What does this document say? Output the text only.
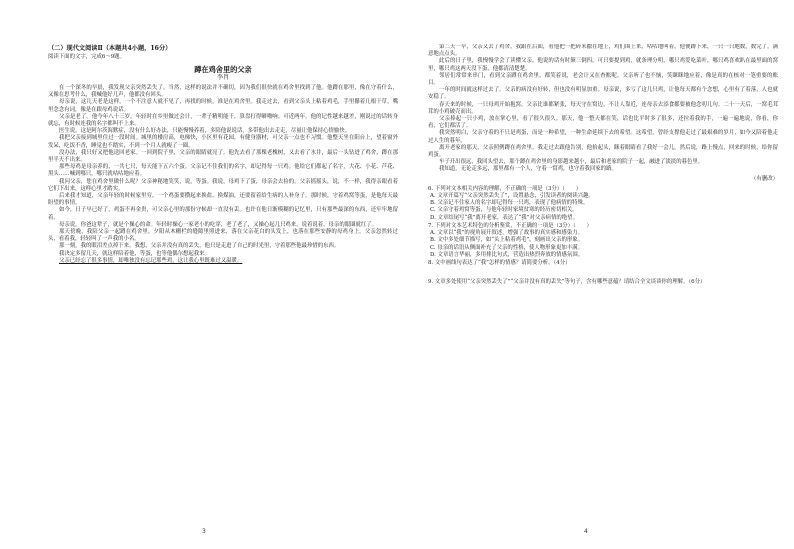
（二）现代文阅读Ⅱ（本题共4小题，16分）

阅读下面的文字，完成6～9题。

蹲在鸡舍里的父亲

李肖

在一个深冬的早晨，我发现父亲突然丢失了。当然，这样的说法并不确切，因为我们很快就在鸡舍里找到了他。他蹲在那里，像在守着什么，又像在思考什么，我喊他好几声，他都没有回头。

母亲说，这几天老是这样，一个不注意人就不见了，再找的时候，准是在鸡舍里。我走过去，看到父亲头上粘着鸡毛，手里攥着几根干草，嘴里念念有词，像是在跟母鸡说话。

父亲是老了。他今年八十三岁，年轻时在乡里做过会计，一辈子精明能干，算盘打得噼啪响。可近两年，他的记性越来越差，刚说过的话转身就忘，有时候连我的名字都叫不上来。

医生说，这是阿尔茨海默症，没有什么好办法，只能慢慢养着，多陪他说说话，多带他出去走走，尽量让他保持心情愉快。

我把父亲接到城里住过一段时间。城里的楼房高，电梯快，小区里有花园，有健身器材，可父亲一点也不习惯。他整天坐在阳台上，望着窗外发呆，吃饭不香，睡觉也不踏实，不到一个月人就瘦了一圈。

没办法，我只好又把他送回老家。一回到院子里，父亲的眼睛就亮了。他先去看了那棵老槐树，又去看了水井，最后一头钻进了鸡舍，蹲在那里半天不出来。

那些母鸡是母亲养的，一共七只，每天能下五六个蛋。父亲记不住我们的名字，却记得每一只鸡。他给它们都起了名字，大花、小花、芦花、黑头……喊到哪只，哪只就咕咕地应着。

我问父亲，您在鸡舍里做什么呢？父亲神秘地笑笑，说，等蛋。我说，母鸡下了蛋，母亲会去捡的。父亲摇摇头，说，不一样，我得亲眼看着它们下出来，这样心里才踏实。

后来我才知道，父亲年轻的时候家里穷，一个鸡蛋要攒起来换盐、换煤油，还要留着给生病的人补身子。那时候，守着鸡窝等蛋，是他每天最盼望的事情。

如今，日子早已好了，鸡蛋不再金贵，可父亲心里的那份守候却一直没有丢。也许在他日渐模糊的记忆里，只有那些最深的东西，还牢牢地留着。

母亲说，你爸这辈子，就是个操心的命。年轻时操心一家老小的吃穿，老了老了，又操心起几只鸡来。说着说着，母亲的眼圈就红了。

那天傍晚，我陪父亲一起蹲在鸡舍里。夕阳从木栅栏的缝隙里照进来，落在父亲花白的头发上，也落在那些安静的母鸡身上。父亲忽然转过头，看着我，轻轻叫了一声我的小名。

那一刻，我的眼泪差点掉下来。我想，父亲并没有真的丢失，他只是走进了自己的时光里，守着那些他最珍惜的东西。

我决定多留几天，就这样陪着他，等蛋，也等他偶尔想起我来。

父亲已经忘了很多事情，却唯独没有忘记那些鸡，这让我心里既难过又温暖。

3

第二天一早，父亲又去了鸡舍。我跟在后面，看他把一把碎米撒在地上，鸡们围上来，咕咕地叫着，他便蹲下来，一只一只地数，数完了，满意地点点头。

此后的日子里，我慢慢学会了读懂父亲。他说的话有时颠三倒四，可只要提到鸡，就条理分明，哪只鸡爱吃菜叶，哪只鸡喜欢趴在最里面的窝里，哪只鸡这两天没下蛋，他都清清楚楚。

邻居们常常来串门，看到父亲蹲在鸡舍里，都笑着说，老会计又在查账呢。父亲听了也不恼，笑眯眯地应着，像是真的在核对一笔重要的账目。

一年的时间就这样过去了。父亲的病没有好转，但也没有明显加重。母亲说，多亏了这几只鸡，让他每天都有个念想，心里有了着落，人也就安稳了。

春天来的时候，一只母鸡开始抱窝。父亲比谁都紧张，每天守在窝边，不让人靠近，连母亲去添食都要被他念叨几句。二十一天后，一窝毛茸茸的小鸡破壳而出。

父亲捧起一只小鸡，放在掌心里，看了很久很久。那天，他一整天都在笑，话也比平时多了很多，还拉着我的手，一遍一遍地说，你看，你看，它们都活了。

我突然明白，父亲守着的不只是鸡蛋，而是一种希望，一种生命延续下去的希望。这希望，曾经支撑他走过了最艰难的岁月，如今又陪着他走过人生的暮年。

离开老家的那天，父亲照例蹲在鸡舍里。我走过去跟他告别，他抬起头，眯着眼睛看了我好一会儿，然后说，路上慢点，回来的时候，给你留鸡蛋。

车子开出很远，我回头望去，那个蹲在鸡舍里的身影越来越小，最后和老家的院子一起，融进了淡淡的暮色里。

我知道，无论走多远，那里都有一个人，守着一窝鸡，也守着我回家的路。

（有删改）

6. 下列对文本相关内容的理解，不正确的一项是（3分）（　　）

A. 文章开篇写“父亲突然丢失了”，设置悬念，引发读者的阅读兴趣。

B. 父亲记不住家人的名字却记得每一只鸡，表现了他病情的特殊。

C. 父亲守着鸡窝等蛋，与他年轻时家境贫寒的经历密切相关。

D. 文章结尾写“我”离开老家，表达了“我”对父亲病情的绝望。

7. 下列对文本艺术特色的分析鉴赏，不正确的一项是（3分）（　　）

A. 文章以“我”的视角展开叙述，增强了故事的真实感和感染力。

B. 文中多处细节描写，如“头上粘着鸡毛”，刻画出父亲的形象。

C. 母亲的话语从侧面补充了父亲的性格，使人物形象更加丰满。

D. 文章语言华丽，多用排比句式，营造出热烈奔放的情感氛围。

8. 文中画线句表达了“我”怎样的情感？请简要分析。（4分）

9. 文章多处使用“父亲突然丢失了”“父亲并没有真的丢失”等句子，含有哪些意蕴？请结合全文谈谈你的理解。（6分）

4
